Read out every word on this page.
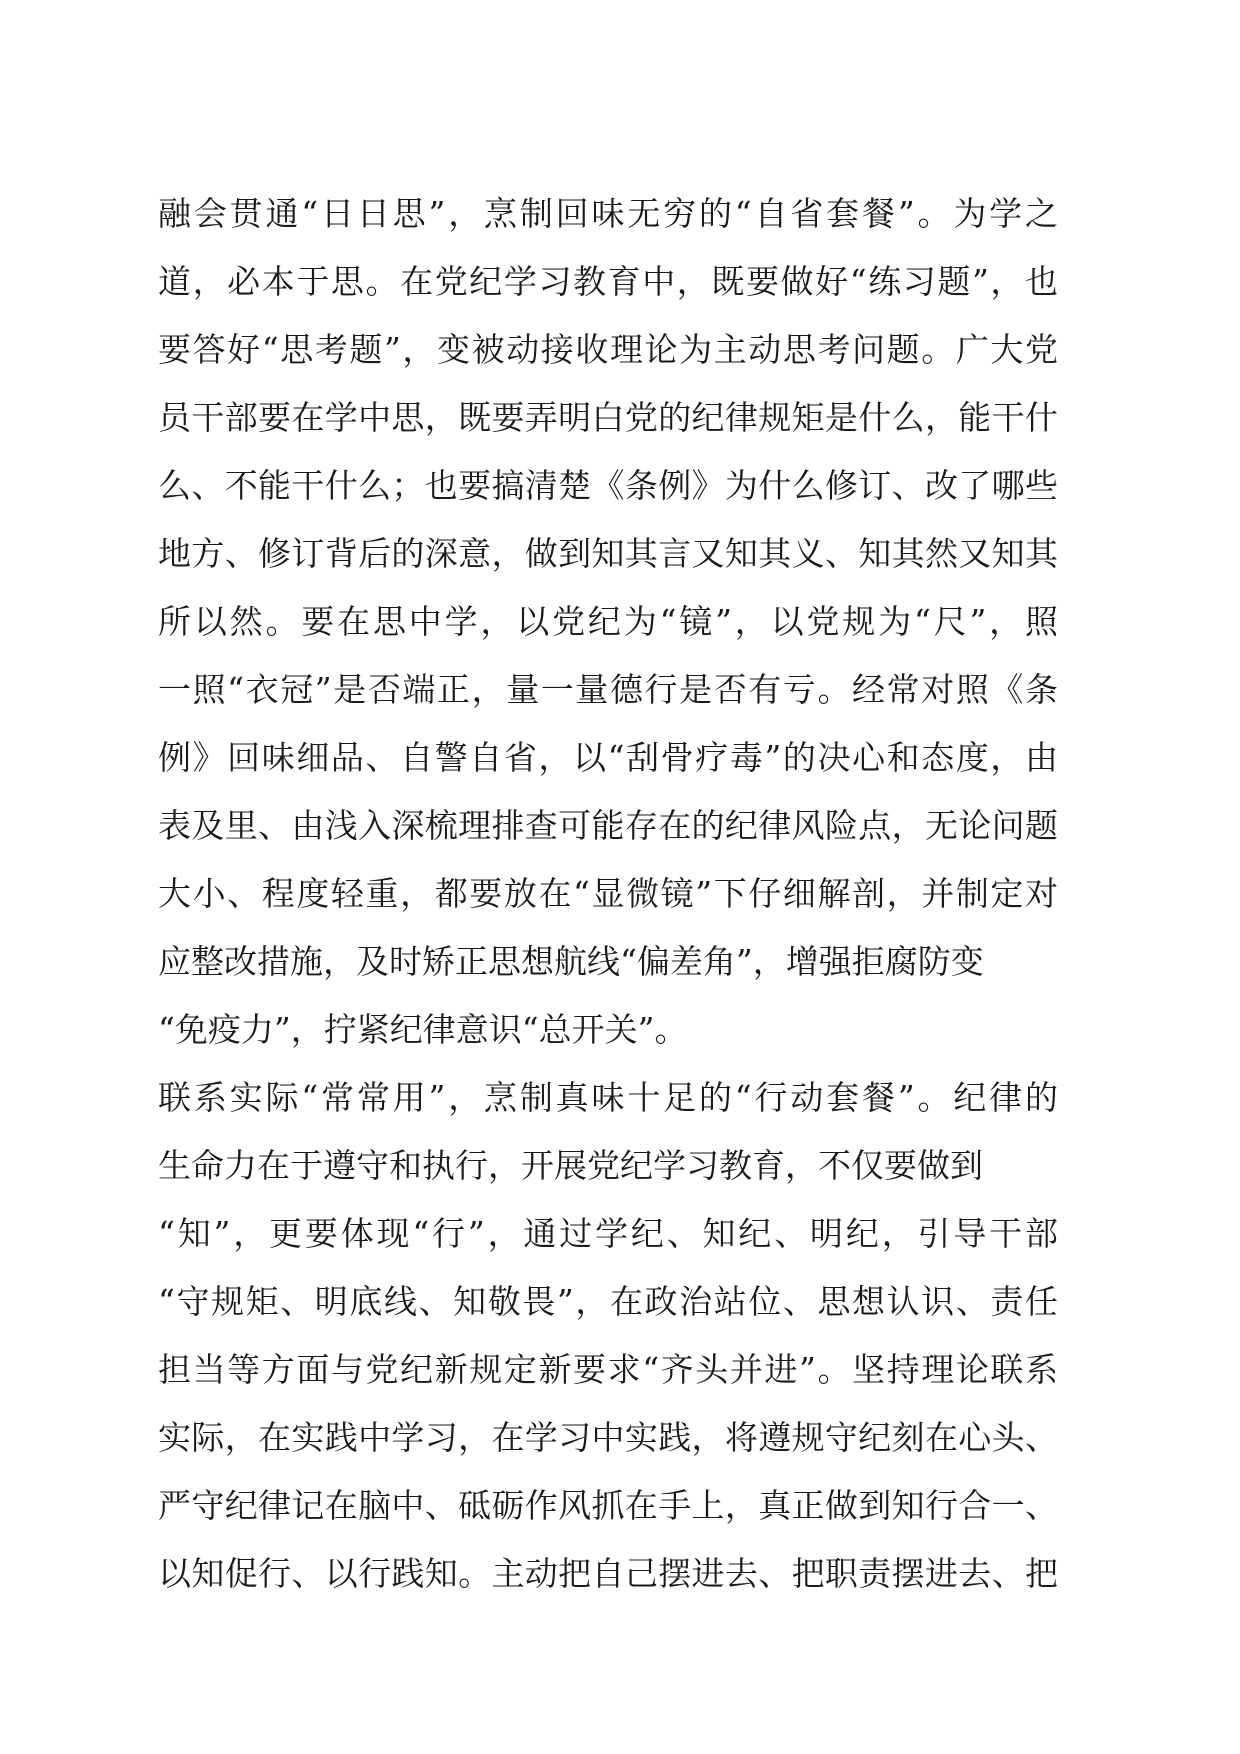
融会贯通“日日思”，烹制回味无穷的“自省套餐”。为学之
道，必本于思。在党纪学习教育中，既要做好“练习题”，也
要答好“思考题”，变被动接收理论为主动思考问题。广大党
员干部要在学中思，既要弄明白党的纪律规矩是什么，能干什
么、不能干什么；也要搞清楚《条例》为什么修订、改了哪些
地方、修订背后的深意，做到知其言又知其义、知其然又知其
所以然。要在思中学，以党纪为“镜”，以党规为“尺”，照
一照“衣冠”是否端正，量一量德行是否有亏。经常对照《条
例》回味细品、自警自省，以“刮骨疗毒”的决心和态度，由
表及里、由浅入深梳理排查可能存在的纪律风险点，无论问题
大小、程度轻重，都要放在“显微镜”下仔细解剖，并制定对
应整改措施，及时矫正思想航线“偏差角”，增强拒腐防变
“免疫力”，拧紧纪律意识“总开关”。
联系实际“常常用”，烹制真味十足的“行动套餐”。纪律的
生命力在于遵守和执行，开展党纪学习教育，不仅要做到
“知”，更要体现“行”，通过学纪、知纪、明纪，引导干部
“守规矩、明底线、知敬畏”，在政治站位、思想认识、责任
担当等方面与党纪新规定新要求“齐头并进”。坚持理论联系
实际，在实践中学习，在学习中实践，将遵规守纪刻在心头、
严守纪律记在脑中、砥砺作风抓在手上，真正做到知行合一、
以知促行、以行践知。主动把自己摆进去、把职责摆进去、把
